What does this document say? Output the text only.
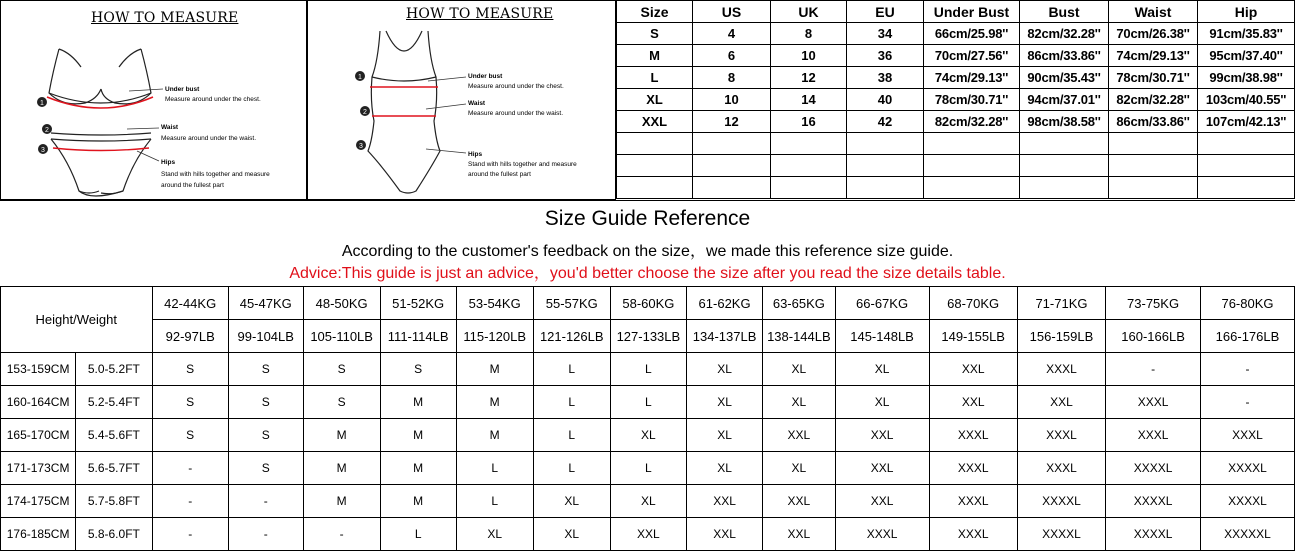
HOW TO MEASURE
1
2
3
Under bust
Measure around under the chest.
Waist
Measure around under the waist.
Hips
Stand with hills together and measure
around the fullest part
HOW TO MEASURE
1
2
3
Under bust
Measure around under the chest.
Waist
Measure around under the waist.
Hips
Stand with hills together and measure
around the fullest part
Size	US	UK	EU	Under Bust	Bust	Waist	Hip
S	4	8	34	66cm/25.98''	82cm/32.28''	70cm/26.38''	91cm/35.83''
M	6	10	36	70cm/27.56''	86cm/33.86''	74cm/29.13''	95cm/37.40''
L	8	12	38	74cm/29.13''	90cm/35.43''	78cm/30.71''	99cm/38.98''
XL	10	14	40	78cm/30.71''	94cm/37.01''	82cm/32.28''	103cm/40.55''
XXL	12	16	42	82cm/32.28''	98cm/38.58''	86cm/33.86''	107cm/42.13''

Size Guide Reference
According to the customer's feedback on the size，we made this reference size guide.
Advice:This guide is just an advice，you'd better choose the size after you read the size details table.
Height/Weight		42-44KG	45-47KG	48-50KG	51-52KG	53-54KG	55-57KG	58-60KG	61-62KG	63-65KG	66-67KG	68-70KG	71-71KG	73-75KG	76-80KG
		92-97LB	99-104LB	105-110LB	111-114LB	115-120LB	121-126LB	127-133LB	134-137LB	138-144LB	145-148LB	149-155LB	156-159LB	160-166LB	166-176LB
153-159CM	5.0-5.2FT	S	S	S	S	M	L	L	XL	XL	XL	XXL	XXXL	-	-
160-164CM	5.2-5.4FT	S	S	S	M	M	L	L	XL	XL	XL	XXL	XXL	XXXL	-
165-170CM	5.4-5.6FT	S	S	M	M	M	L	XL	XL	XXL	XXL	XXXL	XXXL	XXXL	XXXL
171-173CM	5.6-5.7FT	-	S	M	M	L	L	L	XL	XL	XXL	XXXL	XXXL	XXXXL	XXXXL
174-175CM	5.7-5.8FT	-	-	M	M	L	XL	XL	XXL	XXL	XXL	XXXL	XXXXL	XXXXL	XXXXL
176-185CM	5.8-6.0FT	-	-	-	L	XL	XL	XXL	XXL	XXL	XXXL	XXXL	XXXXL	XXXXL	XXXXXL
